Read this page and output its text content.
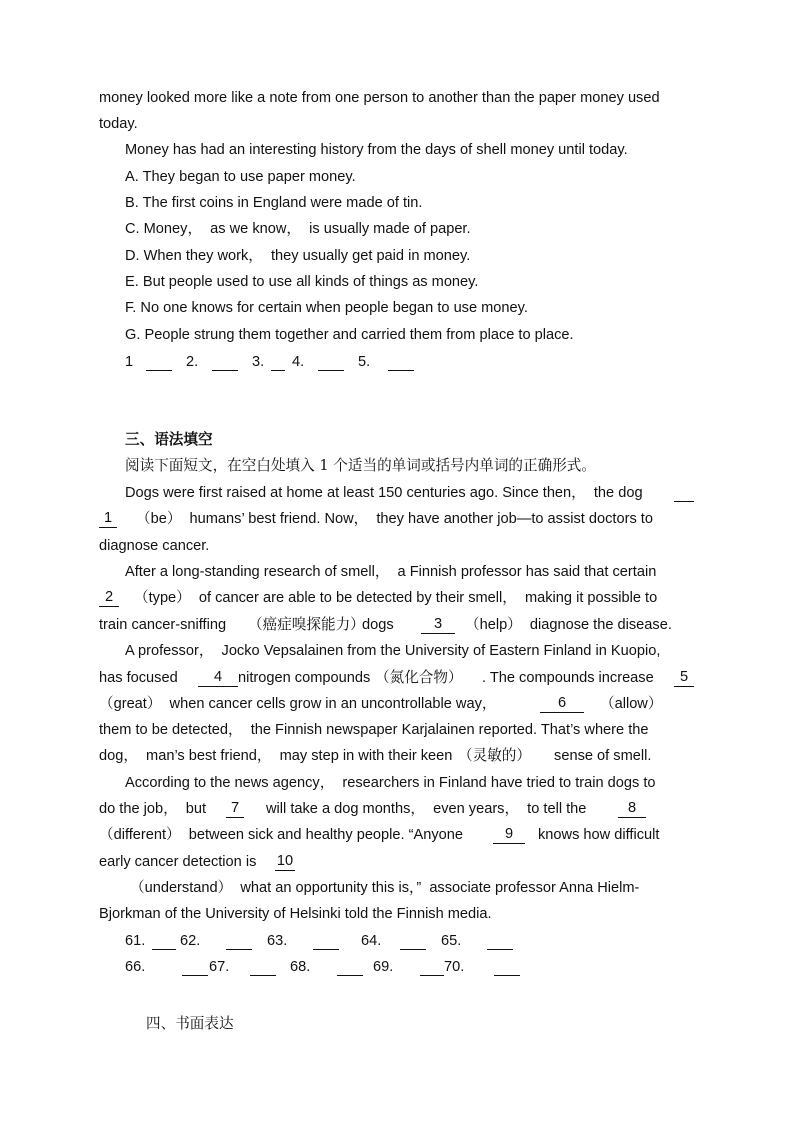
money looked more like a note from one person to another than the paper money used
today.
Money has had an interesting history from the days of shell money until today.
A. They began to use paper money.
B. The first coins in England were made of tin.
C. Money，  as we know，  is usually made of paper.
D. When they work，  they usually get paid in money.
E. But people used to use all kinds of things as money.
F. No one knows for certain when people began to use money.
G. People strung them together and carried them from place to place.
1	2.	3. 4.	5.
三、语法填空
阅读下面短文，在空白处填入 1 个适当的单词或括号内单词的正确形式。
Dogs were first raised at home at least 150 centuries ago. Since then，  the dog
1	（be）  humans’ best friend. Now，  they have another job—to assist doctors to
diagnose cancer.
After a long-standing research of smell，  a Finnish professor has said that certain
2	（type）  of cancer are able to be detected by their smell，  making it possible to
train cancer-sniffing （癌症嗅探能力）
dogs	3	（help）  diagnose the disease.
A professor，  Jocko Vepsalainen from the University of Eastern Finland in Kuopio,
has focused	4	nitrogen compounds （氮化合物） . The compounds increase	5
（great）  when cancer cells grow in an uncontrollable way，	6	（allow）
them to be detected，  the Finnish newspaper Karjalainen reported. That’s where the
dog，  man’s best friend，  may step in with their keen （灵敏的） sense of smell.
According to the news agency，  researchers in Finland have tried to train dogs to
do the job，  but	7	will take a dog months，  even years，  to tell the	8
（different）  between sick and healthy people. “Anyone	9	knows how difficult
early cancer detection is 10
（understand）  what an opportunity this is，”  associate professor Anna Hielm-
Bjorkman of the University of Helsinki told the Finnish media.
61. 62.	63.	64.	65.
66.	67.	68.	69.	70.
四、书面表达
